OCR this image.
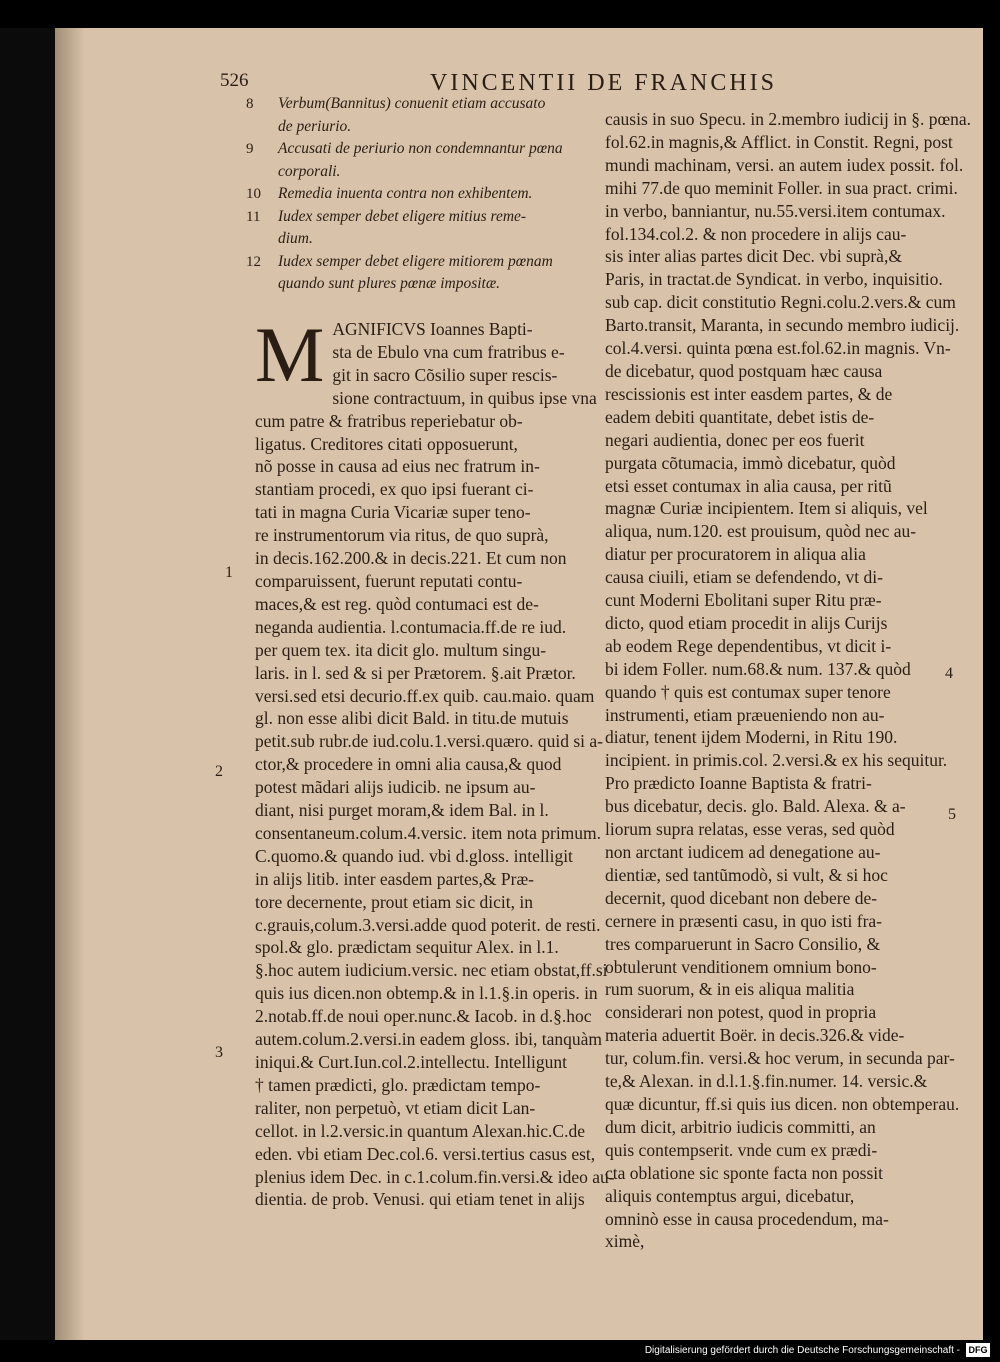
526	VINCENTII DE FRANCHIS
8	Verbum(Bannitus) conuenit etiam accusato
de periurio.
9	Accusati de periurio non condemnantur pœna
corporali.
10	Remedia inuenta contra non exhibentem.
11	Iudex semper debet eligere mitius reme-
dium.
12	Iudex semper debet eligere mitiorem pœnam
quando sunt plures pœnæ impositæ.
M AGNIFICVS Ioannes Bapti-
sta de Ebulo vna cum fratribus e-
git in sacro Cõsilio super rescis-
sione contractuum, in quibus ipse vna
cum patre & fratribus reperiebatur ob-
ligatus. Creditores citati opposuerunt,
nõ posse in causa ad eius nec fratrum in-
stantiam procedi, ex quo ipsi fuerant ci-
tati in magna Curia Vicariæ super teno-
re instrumentorum via ritus, de quo suprà,
in decis.162.200.& in decis.221. Et cum non
comparuissent, fuerunt reputati contu-
maces,& est reg. quòd contumaci est de-
neganda audientia. l.contumacia.ff.de re iud.
per quem tex. ita dicit glo. multum singu-
laris. in l. sed & si per Prætorem. §.ait Prætor.
versi.sed etsi decurio.ff.ex quib. cau.maio. quam
gl. non esse alibi dicit Bald. in titu.de mutuis
petit.sub rubr.de iud.colu.1.versi.quæro. quid si a-
ctor,& procedere in omni alia causa,& quod
potest mãdari alijs iudicib. ne ipsum au-
diant, nisi purget moram,& idem Bal. in l.
consentaneum.colum.4.versic. item nota primum.
C.quomo.& quando iud. vbi d.gloss. intelligit
in alijs litib. inter easdem partes,& Præ-
tore decernente, prout etiam sic dicit, in
c.grauis,colum.3.versi.adde quod poterit. de resti.
spol.& glo. prædictam sequitur Alex. in l.1.
§.hoc autem iudicium.versic. nec etiam obstat,ff.si
quis ius dicen.non obtemp.& in l.1.§.in operis. in
2.notab.ff.de noui oper.nunc.& Iacob. in d.§.hoc
autem.colum.2.versi.in eadem gloss. ibi, tanquàm
iniqui.& Curt.Iun.col.2.intellectu. Intelligunt
† tamen prædicti, glo. prædictam tempo-
raliter, non perpetuò, vt etiam dicit Lan-
cellot. in l.2.versic.in quantum Alexan.hic.C.de
eden. vbi etiam Dec.col.6. versi.tertius casus est,
plenius idem Dec. in c.1.colum.fin.versi.& ideo au-
dientia. de prob. Venusi. qui etiam tenet in alijs
causis in suo Specu. in 2.membro iudicij in §. pœna.
fol.62.in magnis,& Afflict. in Constit. Regni, post
mundi machinam, versi. an autem iudex possit. fol.
mihi 77.de quo meminit Foller. in sua pract. crimi.
in verbo, banniantur, nu.55.versi.item contumax.
fol.134.col.2. & non procedere in alijs cau-
sis inter alias partes dicit Dec. vbi suprà,&
Paris, in tractat.de Syndicat. in verbo, inquisitio.
sub cap. dicit constitutio Regni.colu.2.vers.& cum
Barto.transit, Maranta, in secundo membro iudicij.
col.4.versi. quinta pœna est.fol.62.in magnis. Vn-
de dicebatur, quod postquam hæc causa
rescissionis est inter easdem partes, & de
eadem debiti quantitate, debet istis de-
negari audientia, donec per eos fuerit
purgata cõtumacia, immò dicebatur, quòd
etsi esset contumax in alia causa, per ritũ
magnæ Curiæ incipientem. Item si aliquis, vel
aliqua, num.120. est prouisum, quòd nec au-
diatur per procuratorem in aliqua alia
causa ciuili, etiam se defendendo, vt di-
cunt Moderni Ebolitani super Ritu præ-
dicto, quod etiam procedit in alijs Curijs
ab eodem Rege dependentibus, vt dicit i-
bi idem Foller. num.68.& num. 137.& quòd
quando † quis est contumax super tenore
instrumenti, etiam præueniendo non au-
diatur, tenent ijdem Moderni, in Ritu 190.
incipient. in primis.col. 2.versi.& ex his sequitur.
Pro prædicto Ioanne Baptista & fratri-
bus dicebatur, decis. glo. Bald. Alexa. & a-
liorum supra relatas, esse veras, sed quòd
non arctant iudicem ad denegatione au-
dientiæ, sed tantũmodò, si vult, & si hoc
decernit, quod dicebant non debere de-
cernere in præsenti casu, in quo isti fra-
tres comparuerunt in Sacro Consilio, &
obtulerunt venditionem omnium bono-
rum suorum, & in eis aliqua malitia
considerari non potest, quod in propria
materia aduertit Boër. in decis.326.& vide-
tur, colum.fin. versi.& hoc verum, in secunda par-
te,& Alexan. in d.l.1.§.fin.numer. 14. versic.&
quæ dicuntur, ff.si quis ius dicen. non obtemperau.
dum dicit, arbitrio iudicis committi, an
quis contempserit. vnde cum ex prædi-
cta oblatione sic sponte facta non possit
aliquis contemptus argui, dicebatur,
omninò esse in causa procedendum, ma-
ximè,
1
2
3
4
5
Digitalisierung gefördert durch die Deutsche Forschungsgemeinschaft - DFG
